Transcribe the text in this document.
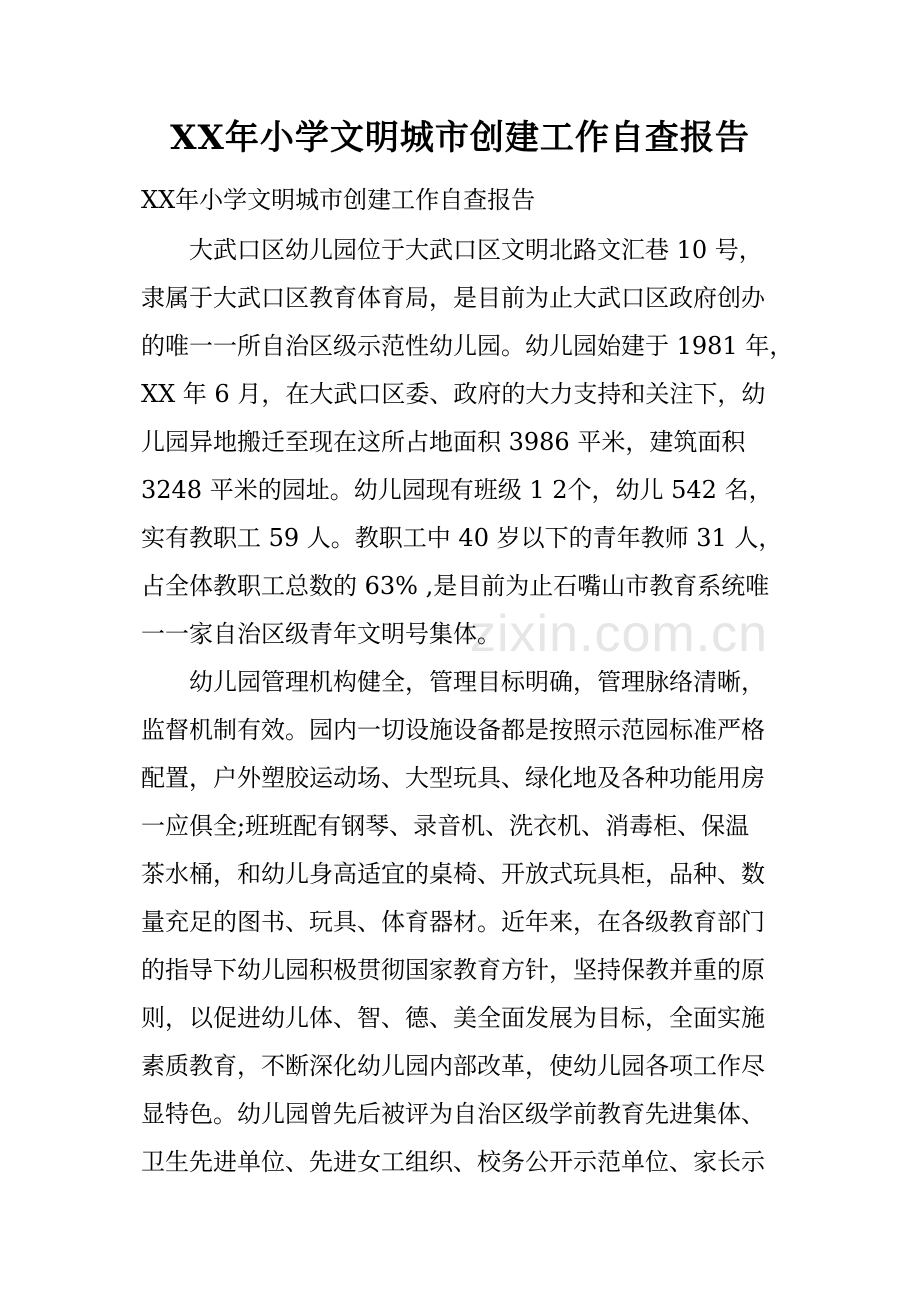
zixin.com.cn
XX年小学文明城市创建工作自查报告
XX年小学文明城市创建工作自查报告
　　大武口区幼儿园位于大武口区文明北路文汇巷 10 号，
隶属于大武口区教育体育局，是目前为止大武口区政府创办
的唯一一所自治区级示范性幼儿园。幼儿园始建于 1981 年，
XX 年 6 月，在大武口区委、政府的大力支持和关注下，幼
儿园异地搬迁至现在这所占地面积 3986 平米，建筑面积
3248 平米的园址。幼儿园现有班级 1 2个，幼儿 542 名，
实有教职工 59 人。教职工中 40 岁以下的青年教师 31 人，
占全体教职工总数的 63% ,是目前为止石嘴山市教育系统唯
一一家自治区级青年文明号集体。
　　幼儿园管理机构健全，管理目标明确，管理脉络清晰，
监督机制有效。园内一切设施设备都是按照示范园标准严格
配置，户外塑胶运动场、大型玩具、绿化地及各种功能用房
一应俱全;班班配有钢琴、录音机、洗衣机、消毒柜、保温
茶水桶，和幼儿身高适宜的桌椅、开放式玩具柜，品种、数
量充足的图书、玩具、体育器材。近年来，在各级教育部门
的指导下幼儿园积极贯彻国家教育方针，坚持保教并重的原
则，以促进幼儿体、智、德、美全面发展为目标，全面实施
素质教育，不断深化幼儿园内部改革，使幼儿园各项工作尽
显特色。幼儿园曾先后被评为自治区级学前教育先进集体、
卫生先进单位、先进女工组织、校务公开示范单位、家长示
